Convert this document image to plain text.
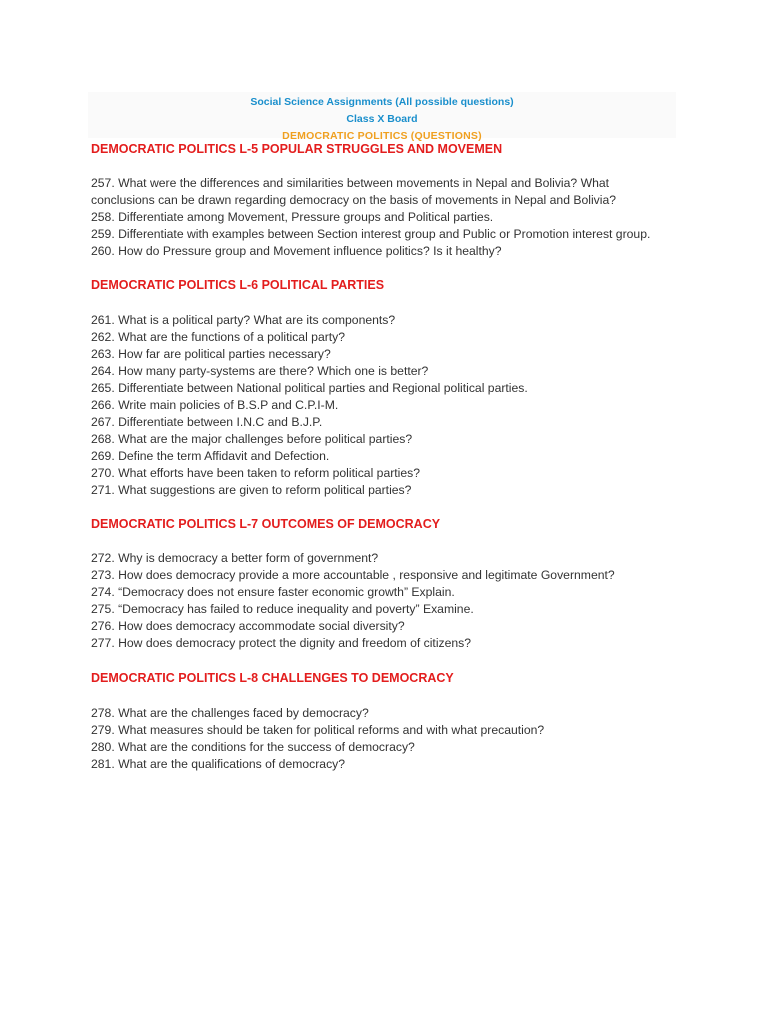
Social Science Assignments (All possible questions)
Class X Board
DEMOCRATIC POLITICS (QUESTIONS)
DEMOCRATIC POLITICS L-5 POPULAR STRUGGLES AND MOVEMEN
257. What were the differences and similarities between movements in Nepal and Bolivia? What
conclusions can be drawn regarding democracy on the basis of movements in Nepal and Bolivia?
258. Differentiate among Movement, Pressure groups and Political parties.
259. Differentiate with examples between Section interest group and Public or Promotion interest group.
260. How do Pressure group and Movement influence politics? Is it healthy?
DEMOCRATIC POLITICS L-6 POLITICAL PARTIES
261. What is a political party? What are its components?
262. What are the functions of a political party?
263. How far are political parties necessary?
264. How many party-systems are there? Which one is better?
265. Differentiate between National political parties and Regional political parties.
266. Write main policies of B.S.P and C.P.I-M.
267. Differentiate between I.N.C and B.J.P.
268. What are the major challenges before political parties?
269. Define the term Affidavit and Defection.
270. What efforts have been taken to reform political parties?
271. What suggestions are given to reform political parties?
DEMOCRATIC POLITICS L-7 OUTCOMES OF DEMOCRACY
272. Why is democracy a better form of government?
273. How does democracy provide a more accountable , responsive and legitimate Government?
274. “Democracy does not ensure faster economic growth” Explain.
275. “Democracy has failed to reduce inequality and poverty” Examine.
276. How does democracy accommodate social diversity?
277. How does democracy protect the dignity and freedom of citizens?
DEMOCRATIC POLITICS L-8 CHALLENGES TO DEMOCRACY
278. What are the challenges faced by democracy?
279. What measures should be taken for political reforms and with what precaution?
280. What are the conditions for the success of democracy?
281. What are the qualifications of democracy?
